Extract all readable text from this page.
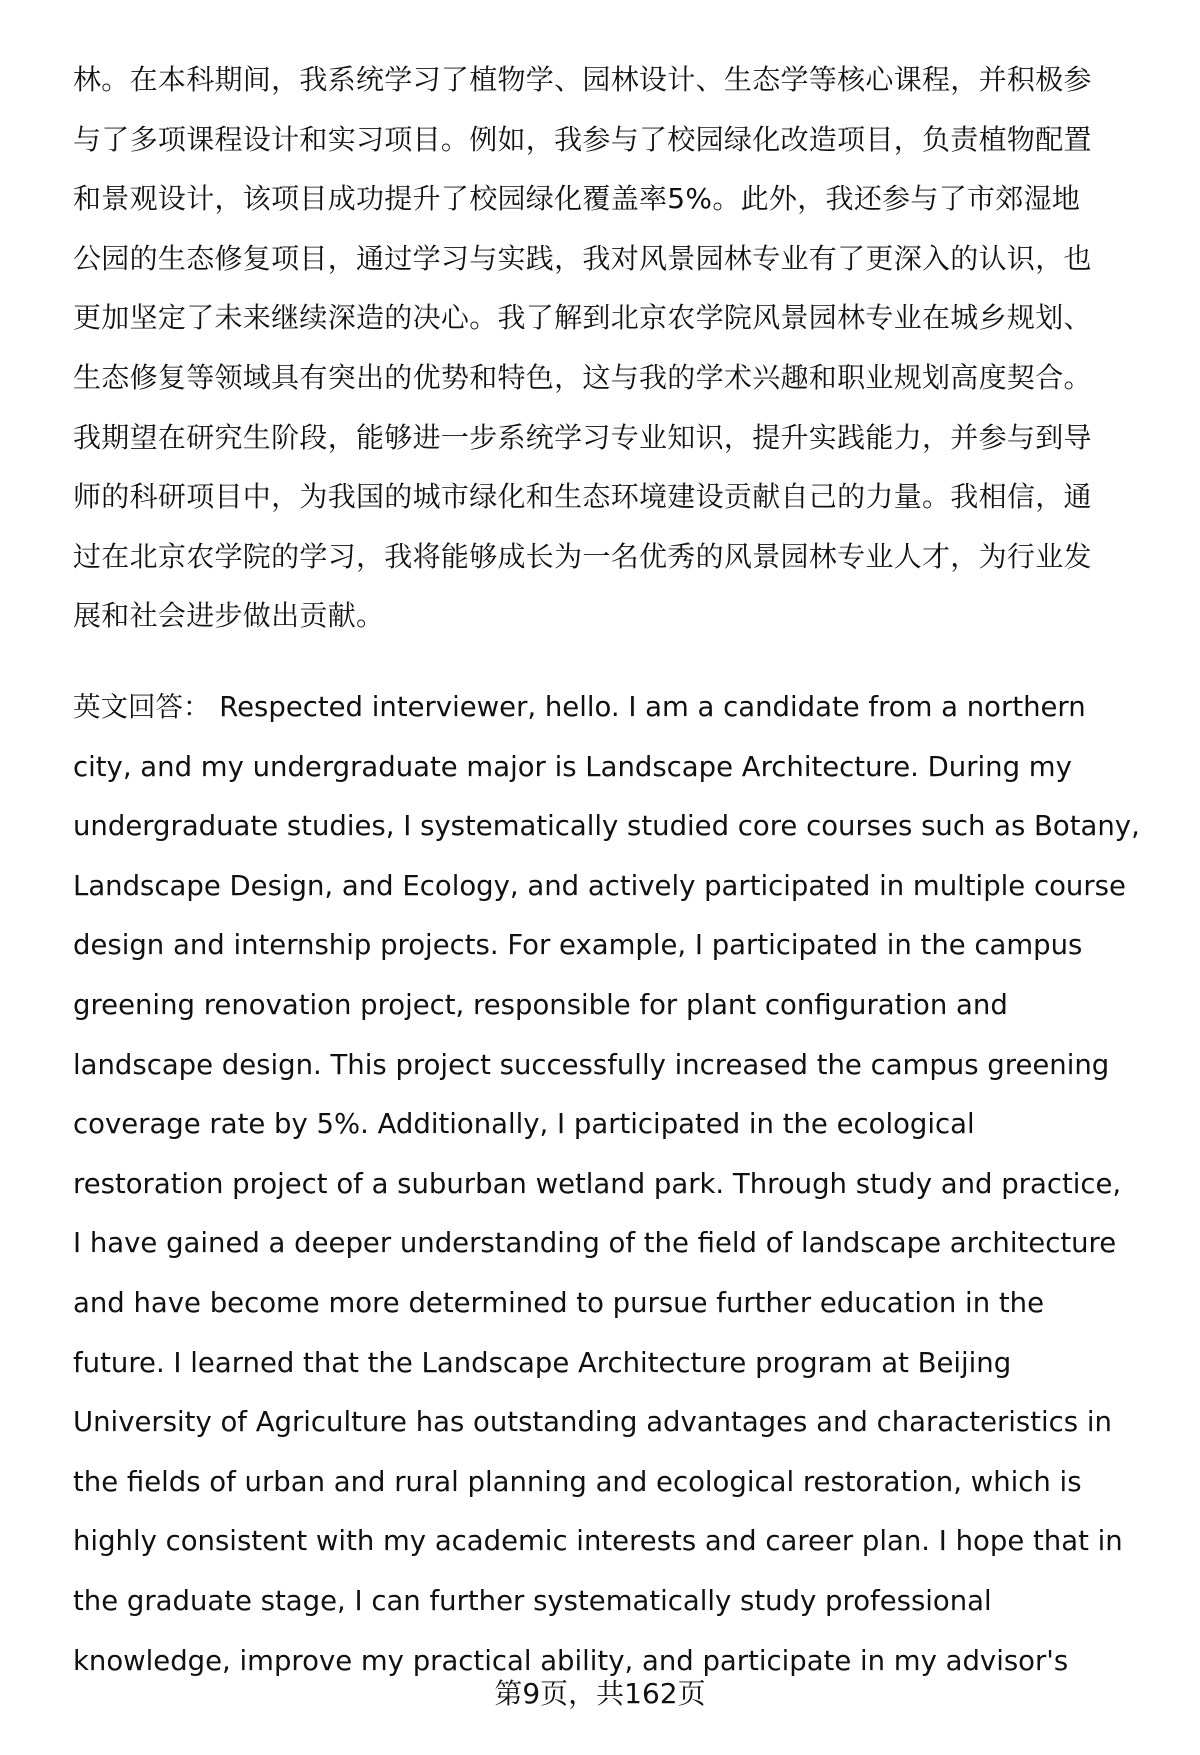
林。在本科期间，我系统学习了植物学、园林设计、生态学等核心课程，并积极参
与了多项课程设计和实习项目。例如，我参与了校园绿化改造项目，负责植物配置
和景观设计，该项目成功提升了校园绿化覆盖率5%。此外，我还参与了市郊湿地
公园的生态修复项目，通过学习与实践，我对风景园林专业有了更深入的认识，也
更加坚定了未来继续深造的决心。我了解到北京农学院风景园林专业在城乡规划、
生态修复等领域具有突出的优势和特色，这与我的学术兴趣和职业规划高度契合。
我期望在研究生阶段，能够进一步系统学习专业知识，提升实践能力，并参与到导
师的科研项目中，为我国的城市绿化和生态环境建设贡献自己的力量。我相信，通
过在北京农学院的学习，我将能够成长为一名优秀的风景园林专业人才，为行业发
展和社会进步做出贡献。
英文回答： Respected interviewer, hello. I am a candidate from a northern
city, and my undergraduate major is Landscape Architecture. During my
undergraduate studies, I systematically studied core courses such as Botany,
Landscape Design, and Ecology, and actively participated in multiple course
design and internship projects. For example, I participated in the campus
greening renovation project, responsible for plant configuration and
landscape design. This project successfully increased the campus greening
coverage rate by 5%. Additionally, I participated in the ecological
restoration project of a suburban wetland park. Through study and practice,
I have gained a deeper understanding of the field of landscape architecture
and have become more determined to pursue further education in the
future. I learned that the Landscape Architecture program at Beijing
University of Agriculture has outstanding advantages and characteristics in
the fields of urban and rural planning and ecological restoration, which is
highly consistent with my academic interests and career plan. I hope that in
the graduate stage, I can further systematically study professional
knowledge, improve my practical ability, and participate in my advisor's
第9页，共162页
